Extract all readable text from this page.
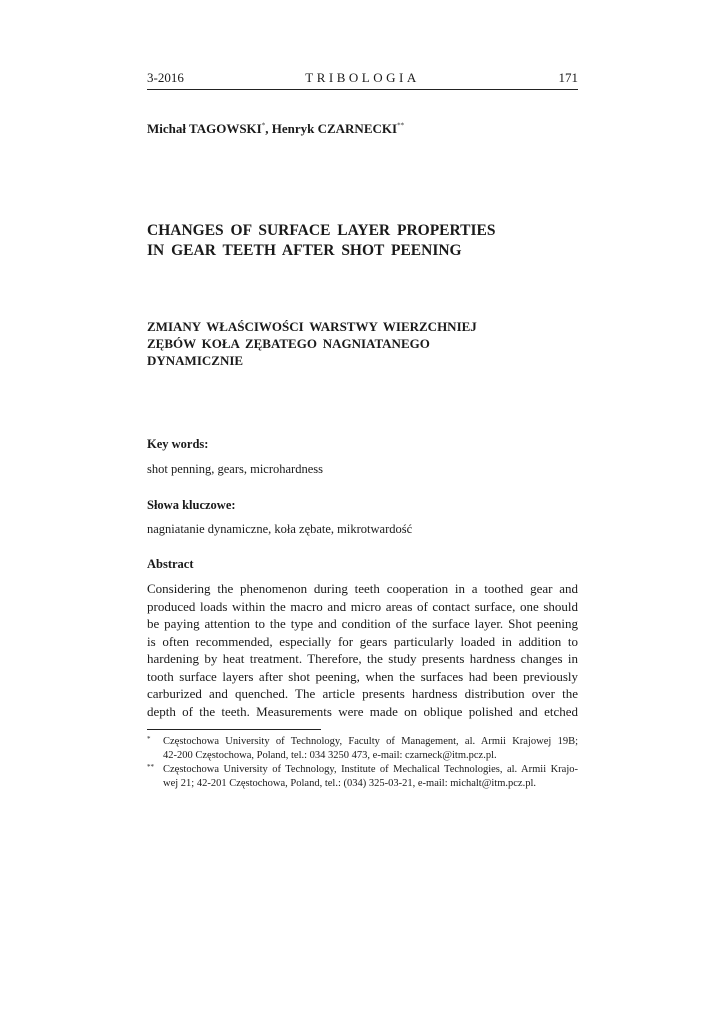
3-2016	TRIBOLOGIA	171
Michał TAGOWSKI*, Henryk CZARNECKI**
CHANGES OF SURFACE LAYER PROPERTIES
IN GEAR TEETH AFTER SHOT PEENING
ZMIANY WŁAŚCIWOŚCI WARSTWY WIERZCHNIEJ
ZĘBÓW KOŁA ZĘBATEGO NAGNIATANEGO
DYNAMICZNIE
Key words:
shot penning, gears, microhardness
Słowa kluczowe:
nagniatanie dynamiczne, koła zębate, mikrotwardość
Abstract
Considering the phenomenon during teeth cooperation in a toothed gear and
produced loads within the macro and micro areas of contact surface, one should
be paying attention to the type and condition of the surface layer. Shot peening
is often recommended, especially for gears particularly loaded in addition to
hardening by heat treatment. Therefore, the study presents hardness changes in
tooth surface layers after shot peening, when the surfaces had been previously
carburized and quenched. The article presents hardness distribution over the
depth of the teeth. Measurements were made on oblique polished and etched
* Częstochowa University of Technology, Faculty of Management, al. Armii Krajowej 19B;
42-200 Częstochowa, Poland, tel.: 034 3250 473, e-mail: czarneck@itm.pcz.pl.
** Częstochowa University of Technology, Institute of Mechalical Technologies, al. Armii Krajo-
wej 21; 42-201 Częstochowa, Poland, tel.: (034) 325-03-21, e-mail: michalt@itm.pcz.pl.
